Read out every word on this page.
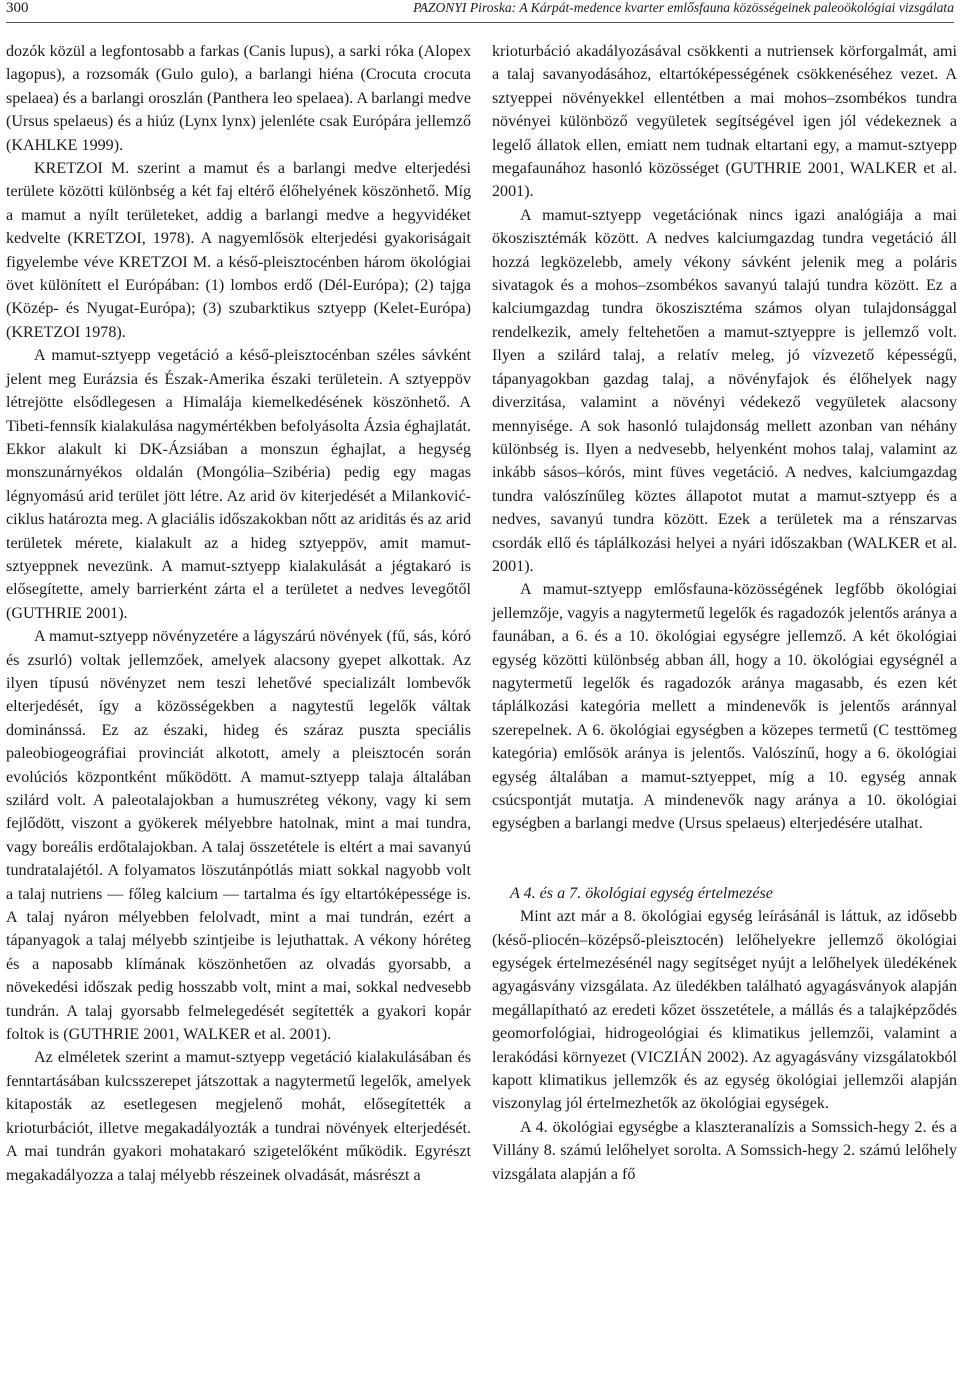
300	PAZONYI Piroska: A Kárpát-medence kvarter emlősfauna közösségeinek paleoökológiai vizsgálata

dozók közül a legfontosabb a farkas (Canis lupus), a sarki róka (Alopex lagopus), a rozsomák (Gulo gulo), a barlangi hiéna (Crocuta crocuta spelaea) és a barlangi oroszlán (Panthera leo spelaea). A barlangi medve (Ursus spelaeus) és a hiúz (Lynx lynx) jelenléte csak Európára jellemző (KAHLKE 1999).

KRETZOI M. szerint a mamut és a barlangi medve elterjedési területe közötti különbség a két faj eltérő élőhelyének köszönhető. Míg a mamut a nyílt területeket, addig a barlangi medve a hegyvidéket kedvelte (KRETZOI, 1978). A nagyemlősök elterjedési gyakoriságait figyelembe véve KRETZOI M. a késő-pleisztocénben három ökológiai övet különített el Európában: (1) lombos erdő (Dél-Európa); (2) tajga (Közép- és Nyugat-Európa); (3) szubarktikus sztyepp (Kelet-Európa) (KRETZOI 1978).

A mamut-sztyepp vegetáció a késő-pleisztocénban széles sávként jelent meg Eurázsia és Észak-Amerika északi területein. A sztyeppöv létrejötte elsődlegesen a Himalája kiemelkedésének köszönhető. A Tibeti-fennsík kialakulása nagymértékben befolyásolta Ázsia éghajlatát. Ekkor alakult ki DK-Ázsiában a monszun éghajlat, a hegység monszunárnyékos oldalán (Mongólia–Szibéria) pedig egy magas légnyomású arid terület jött létre. Az arid öv kiterjedését a Milanković-ciklus határozta meg. A glaciális időszakokban nőtt az ariditás és az arid területek mérete, kialakult az a hideg sztyeppöv, amit mamut-sztyeppnek nevezünk. A mamut-sztyepp kialakulását a jégtakaró is elősegítette, amely barrierként zárta el a területet a nedves levegőtől (GUTHRIE 2001).

A mamut-sztyepp növényzetére a lágyszárú növények (fű, sás, kóró és zsurló) voltak jellemzőek, amelyek alacsony gyepet alkottak. Az ilyen típusú növényzet nem teszi lehetővé specializált lombevők elterjedését, így a közösségekben a nagytestű legelők váltak dominánssá. Ez az északi, hideg és száraz puszta speciális paleobiogeográfiai provinciát alkotott, amely a pleisztocén során evolúciós központként működött. A mamut-sztyepp talaja általában szilárd volt. A paleotalajokban a humuszréteg vékony, vagy ki sem fejlődött, viszont a gyökerek mélyebbre hatolnak, mint a mai tundra, vagy boreális erdőtalajokban. A talaj összetétele is eltért a mai savanyú tundratalajétól. A folyamatos löszutánpótlás miatt sokkal nagyobb volt a talaj nutriens — főleg kalcium — tartalma és így eltartóképessége is. A talaj nyáron mélyebben felolvadt, mint a mai tundrán, ezért a tápanyagok a talaj mélyebb szintjeibe is lejuthattak. A vékony hóréteg és a naposabb klímának köszönhetően az olvadás gyorsabb, a növekedési időszak pedig hosszabb volt, mint a mai, sokkal nedvesebb tundrán. A talaj gyorsabb felmelegedését segítették a gyakori kopár foltok is (GUTHRIE 2001, WALKER et al. 2001).

Az elméletek szerint a mamut-sztyepp vegetáció kialakulásában és fenntartásában kulcsszerepet játszottak a nagytermetű legelők, amelyek kitaposták az esetlegesen megjelenő mohát, elősegítették a krioturbációt, illetve megakadályozták a tundrai növények elterjedését. A mai tundrán gyakori mohatakaró szigetelőként működik. Egyrészt megakadályozza a talaj mélyebb részeinek olvadását, másrészt a

krioturbáció akadályozásával csökkenti a nutriensek körforgalmát, ami a talaj savanyodásához, eltartóképességének csökkenéséhez vezet. A sztyeppei növényekkel ellentétben a mai mohos–zsombékos tundra növényei különböző vegyületek segítségével igen jól védekeznek a legelő állatok ellen, emiatt nem tudnak eltartani egy, a mamut-sztyepp megafaunához hasonló közösséget (GUTHRIE 2001, WALKER et al. 2001).

A mamut-sztyepp vegetációnak nincs igazi analógiája a mai ökoszisztémák között. A nedves kalciumgazdag tundra vegetáció áll hozzá legközelebb, amely vékony sávként jelenik meg a poláris sivatagok és a mohos–zsombékos savanyú talajú tundra között. Ez a kalciumgazdag tundra ökoszisztéma számos olyan tulajdonsággal rendelkezik, amely feltehetően a mamut-sztyeppre is jellemző volt. Ilyen a szilárd talaj, a relatív meleg, jó vízvezető képességű, tápanyagokban gazdag talaj, a növényfajok és élőhelyek nagy diverzitása, valamint a növényi védekező vegyületek alacsony mennyisége. A sok hasonló tulajdonság mellett azonban van néhány különbség is. Ilyen a nedvesebb, helyenként mohos talaj, valamint az inkább sásos–kórós, mint füves vegetáció. A nedves, kalciumgazdag tundra valószínűleg köztes állapotot mutat a mamut-sztyepp és a nedves, savanyú tundra között. Ezek a területek ma a rénszarvas csordák ellő és táplálkozási helyei a nyári időszakban (WALKER et al. 2001).

A mamut-sztyepp emlősfauna-közösségének legfőbb ökológiai jellemzője, vagyis a nagytermetű legelők és ragadozók jelentős aránya a faunában, a 6. és a 10. ökológiai egységre jellemző. A két ökológiai egység közötti különbség abban áll, hogy a 10. ökológiai egységnél a nagytermetű legelők és ragadozók aránya magasabb, és ezen két táplálkozási kategória mellett a mindenevők is jelentős aránnyal szerepelnek. A 6. ökológiai egységben a közepes termetű (C testtömeg kategória) emlősök aránya is jelentős. Valószínű, hogy a 6. ökológiai egység általában a mamut-sztyeppet, míg a 10. egység annak csúcspontját mutatja. A mindenevők nagy aránya a 10. ökológiai egységben a barlangi medve (Ursus spelaeus) elterjedésére utalhat.

A 4. és a 7. ökológiai egység értelmezése

Mint azt már a 8. ökológiai egység leírásánál is láttuk, az idősebb (késő-pliocén–középső-pleisztocén) lelőhelyekre jellemző ökológiai egységek értelmezésénél nagy segítséget nyújt a lelőhelyek üledékének agyagásvány vizsgálata. Az üledékben található agyagásványok alapján megállapítható az eredeti kőzet összetétele, a mállás és a talajképződés geomorfológiai, hidrogeológiai és klimatikus jellemzői, valamint a lerakódási környezet (VICZIÁN 2002). Az agyagásvány vizsgálatokból kapott klimatikus jellemzők és az egység ökológiai jellemzői alapján viszonylag jól értelmezhetők az ökológiai egységek.

A 4. ökológiai egységbe a klaszteranalízis a Somssich-hegy 2. és a Villány 8. számú lelőhelyet sorolta. A Somssich-hegy 2. számú lelőhely vizsgálata alapján a fő
